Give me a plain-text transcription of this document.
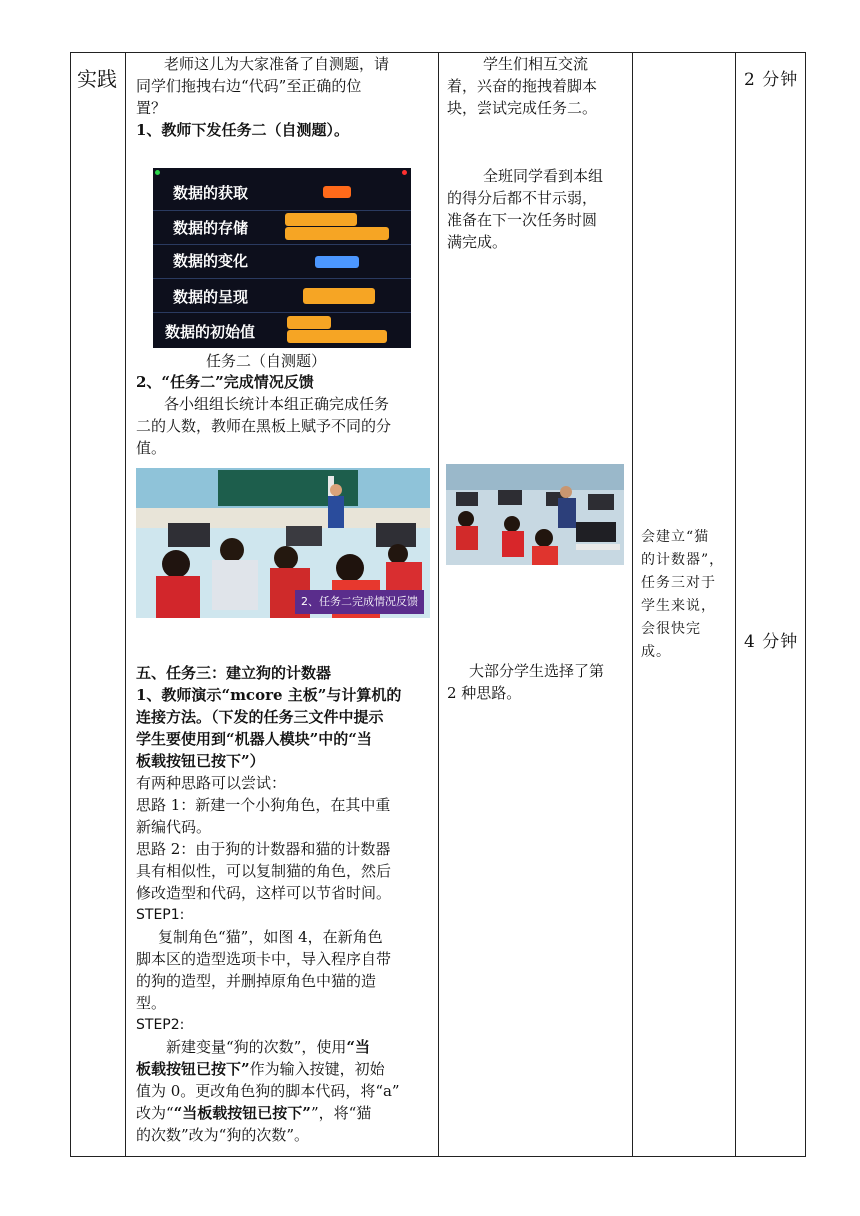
实践

老师这儿为大家准备了自测题，请

同学们拖拽右边“代码”至正确的位

置？

1、教师下发任务二（自测题）。

数据的获取
数据的存储
数据的变化
数据的呈现
数据的初始值
任务二（自测题）

2、“任务二”完成情况反馈

各小组组长统计本组正确完成任务

二的人数，教师在黑板上赋予不同的分

值。

2、任务二完成情况反馈

五、任务三：建立狗的计数器

1、教师演示“mcore 主板”与计算机的

连接方法。（下发的任务三文件中提示

学生要使用到“机器人模块”中的“当

板载按钮已按下”）

有两种思路可以尝试：

思路 1：新建一个小狗角色，在其中重

新编代码。

思路 2：由于狗的计数器和猫的计数器

具有相似性，可以复制猫的角色，然后

修改造型和代码，这样可以节省时间。

STEP1:

复制角色“猫”，如图 4，在新角色

脚本区的造型选项卡中，导入程序自带

的狗的造型，并删掉原角色中猫的造

型。

STEP2:

新建变量“狗的次数”，使用“当

板载按钮已按下”作为输入按键，初始

值为 0。更改角色狗的脚本代码，将“a”

改为““当板载按钮已按下””，将“猫

的次数”改为“狗的次数”。

学生们相互交流

着，兴奋的拖拽着脚本

块，尝试完成任务二。

全班同学看到本组

的得分后都不甘示弱，

准备在下一次任务时圆

满完成。

大部分学生选择了第

2 种思路。

会建立“猫

的计数器”，

任务三对于

学生来说，

会很快完

成。

2 分钟
4 分钟
